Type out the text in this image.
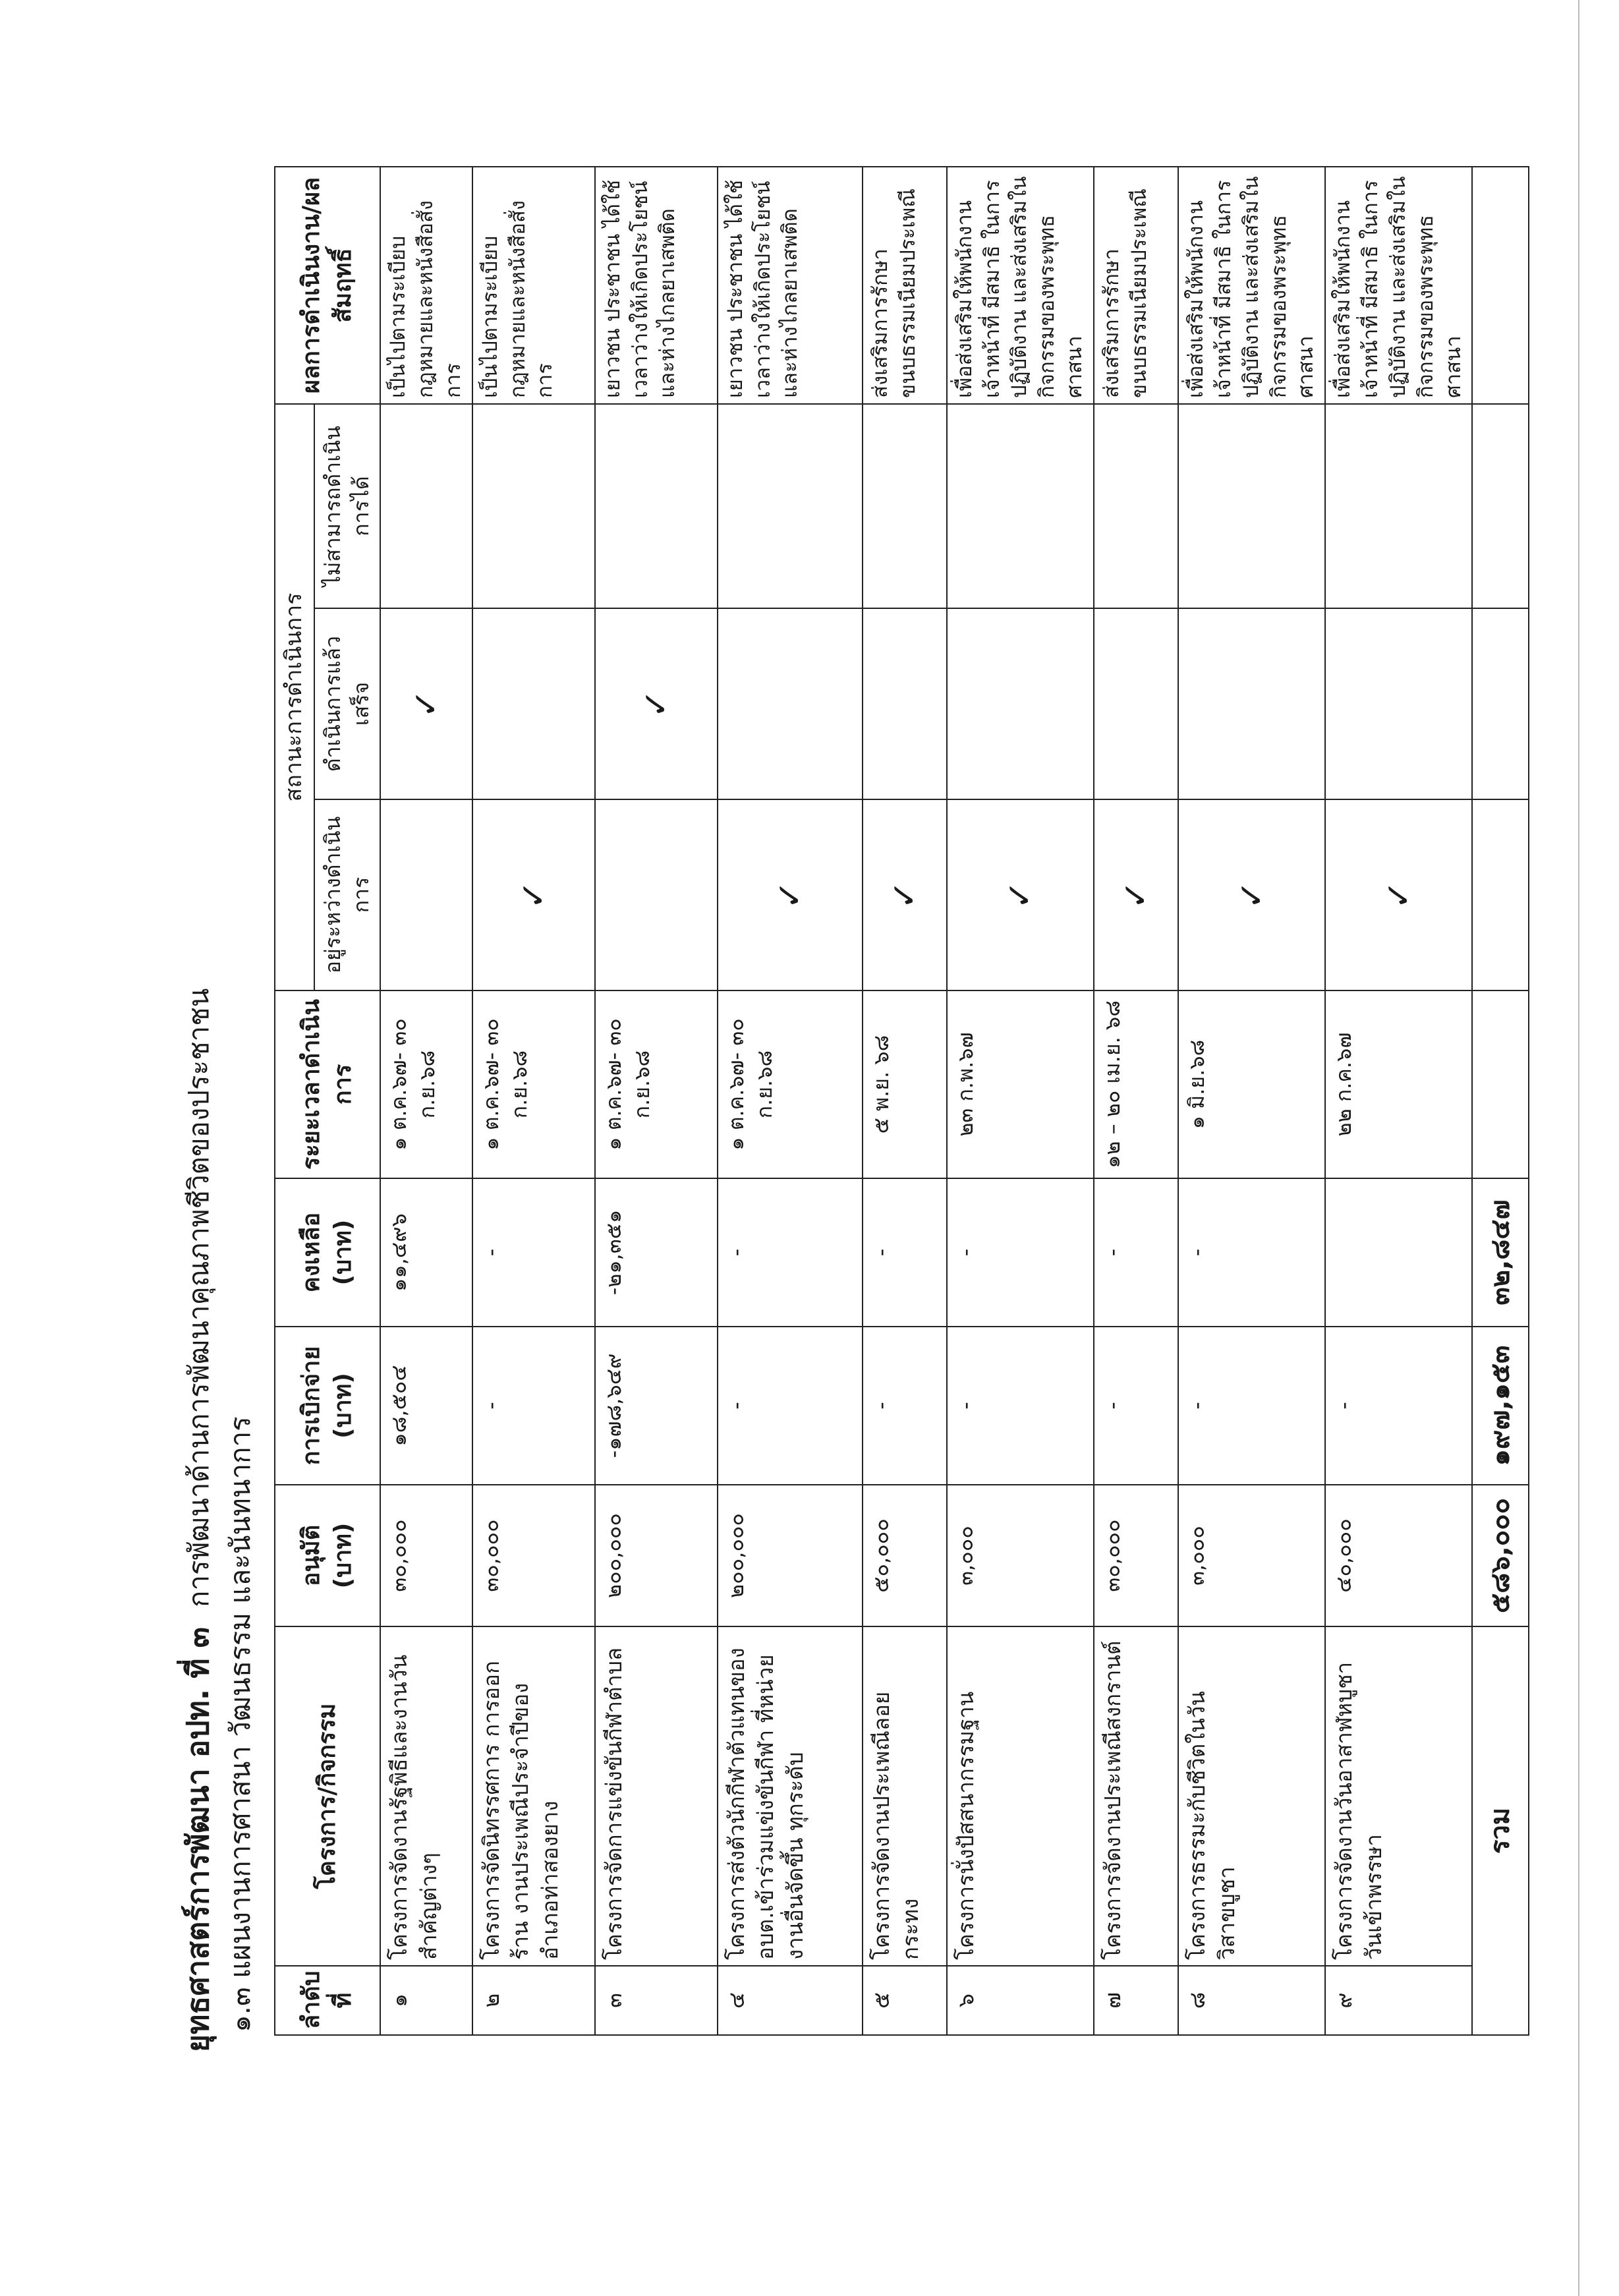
ยุทธศาสตร์การพัฒนา อปท. ที่ ๓การพัฒนาด้านการพัฒนาคุณภาพชีวิตของประชาชน
๑.๓ แผนงานการศาสนา วัฒนธรรม และนันทนาการ ลำดับที่	โครงการ/กิจกรรม	อนุมัติ (บาท)	การเบิกจ่าย (บาท)	คงเหลือ (บาท)	ระยะเวลาดำเนินการ	สถานะการดำเนินการ			ผลการดำเนินงาน/ผลสัมฤทธิ์
						อยู่ระหว่างดำเนินการ	ดำเนินการแล้วเสร็จ	ไม่สามารถดำเนินการได้	
๑	โครงการจัดงานรัฐพิธีและงานวันสำคัญต่างๆ	๓๐,๐๐๐	๑๘,๕๐๔	๑๑,๔๙๖	๑ ต.ค.๖๗- ๓๐ ก.ย.๖๘		✓		เป็นไปตามระเบียบกฎหมายและหนังสือสั่งการ
๒	โครงการจัดนิทรรศการ การออกร้าน งานประเพณีประจำปีของอำเภอท่าสองยาง	๓๐,๐๐๐	-	-	๑ ต.ค.๖๗- ๓๐ ก.ย.๖๘	✓			เป็นไปตามระเบียบกฎหมายและหนังสือสั่งการ
๓	โครงการจัดการแข่งขันกีฬาตำบล	๒๐๐,๐๐๐	-๑๗๘,๖๔๙	-๒๑,๓๕๑	๑ ต.ค.๖๗- ๓๐ ก.ย.๖๘		✓		เยาวชน ประชาชน ได้ใช้เวลาว่างให้เกิดประโยชน์ และห่างไกลยาเสพติด
๔	โครงการส่งตัวนักกีฬาตัวแทนของ อบต.เข้าร่วมแข่งขันกีฬา ที่หน่วยงานอื่นจัดขึ้น ทุกระดับ	๒๐๐,๐๐๐	-	-	๑ ต.ค.๖๗- ๓๐ ก.ย.๖๘	✓			เยาวชน ประชาชน ได้ใช้เวลาว่างให้เกิดประโยชน์ และห่างไกลยาเสพติด
๕	โครงการจัดงานประเพณีลอยกระทง	๕๐,๐๐๐	-	-	๕ พ.ย. ๖๘	✓			ส่งเสริมการรักษาขนบธรรมเนียมประเพณี
๖	โครงการนั่งปัสสนากรรมฐาน	๓,๐๐๐	-	-	๒๓ ก.พ.๖๗	✓			เพื่อส่งเสริมให้พนักงาน เจ้าหน้าที่ มีสมาธิ ในการปฏิบัติงาน และส่งเสริมในกิจกรรมของพระพุทธศาสนา
๗	โครงการจัดงานประเพณีสงกรานต์	๓๐,๐๐๐	-	-	๑๒ – ๒๐ เม.ย. ๖๘	✓			ส่งเสริมการรักษาขนบธรรมเนียมประเพณี
๘	โครงการธรรมะกับชีวิตในวันวิสาขบูชา	๓,๐๐๐	-	-	๑ มิ.ย.๖๘	✓			เพื่อส่งเสริมให้พนักงาน เจ้าหน้าที่ มีสมาธิ ในการปฏิบัติงาน และส่งเสริมในกิจกรรมของพระพุทธศาสนา
๙	โครงการจัดงานวันอาสาฬหบูชา วันเข้าพรรษา	๔๐,๐๐๐	-		๒๒ ก.ค.๖๗	✓			เพื่อส่งเสริมให้พนักงาน เจ้าหน้าที่ มีสมาธิ ในการปฏิบัติงาน และส่งเสริมในกิจกรรมของพระพุทธศาสนา
รวม		๕๘๖,๐๐๐	๑๙๗,๑๕๓	๓๒,๘๔๗					
